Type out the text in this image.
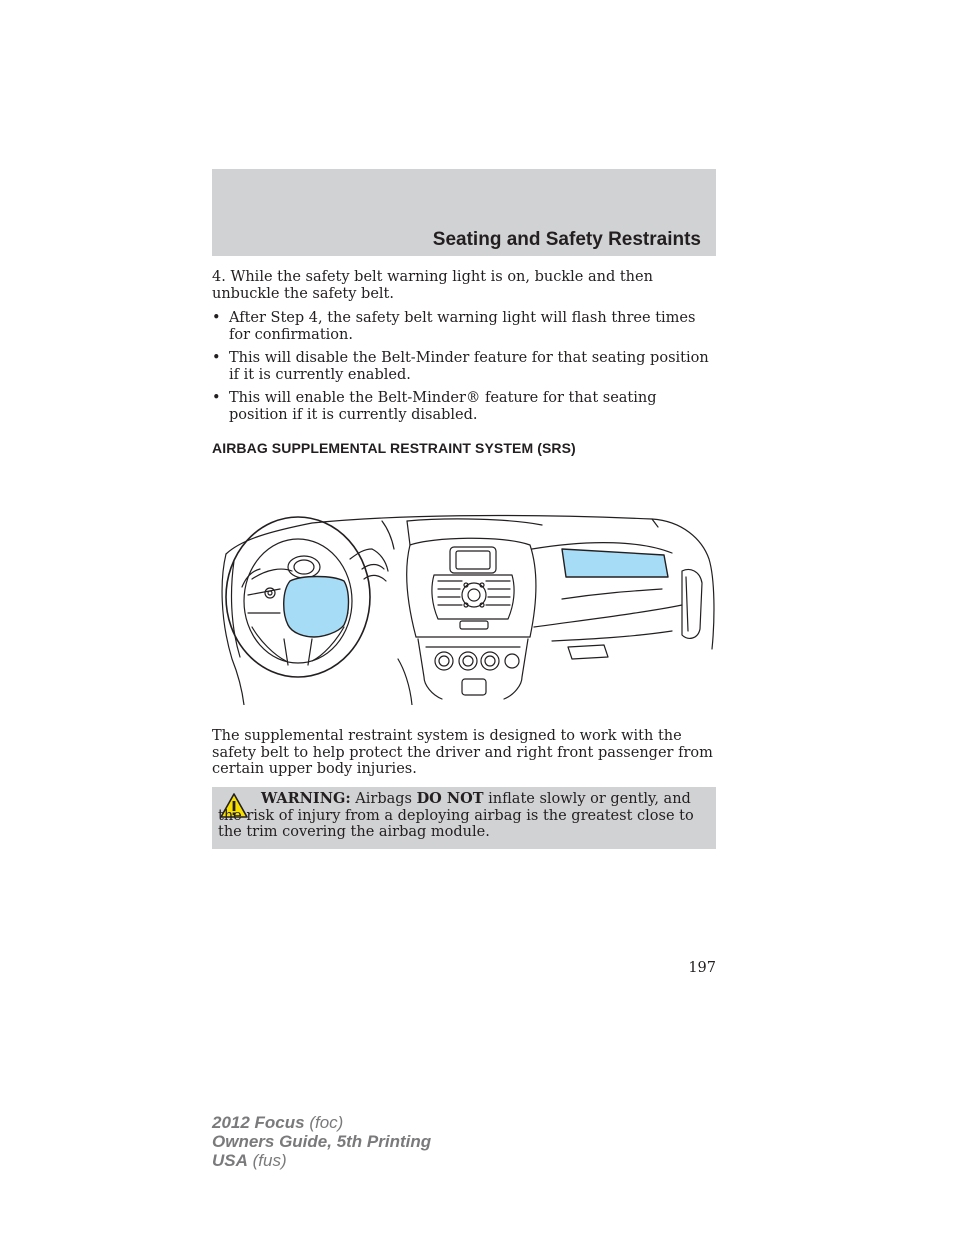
Seating and Safety Restraints
4. While the safety belt warning light is on, buckle and then unbuckle the safety belt.
• After Step 4, the safety belt warning light will flash three times for confirmation.
• This will disable the Belt-Minder feature for that seating position if it is currently enabled.
• This will enable the Belt-Minder® feature for that seating position if it is currently disabled.
AIRBAG SUPPLEMENTAL RESTRAINT SYSTEM (SRS)
The supplemental restraint system is designed to work with the safety belt to help protect the driver and right front passenger from certain upper body injuries.
WARNING: Airbags DO NOT inflate slowly or gently, and the risk of injury from a deploying airbag is the greatest close to the trim covering the airbag module.
197
2012 Focus (foc)
Owners Guide, 5th Printing
USA (fus)
